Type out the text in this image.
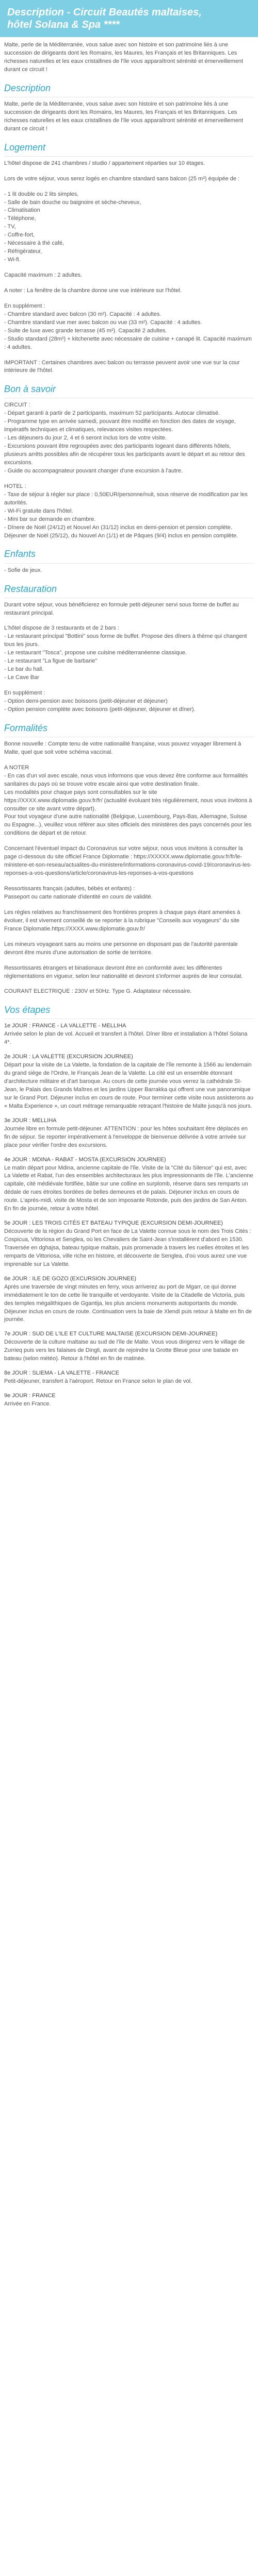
Description - Circuit Beautés maltaises,
hôtel Solana & Spa ****

Malte, perle de la Méditerranée, vous salue avec son histoire et son patrimoine liés à une succession de dirigeants dont les Romains, les Maures, les Français et les Britanniques. Les richesses naturelles et les eaux cristallines de l'île vous apparaîtront sérénité et émerveillement durant ce circuit !

Description

Malte, perle de la Méditerranée, vous salue avec son histoire et son patrimoine liés à une succession de dirigeants dont les Romains, les Maures, les Français et les Britanniques. Les richesses naturelles et les eaux cristallines de l'île vous apparaîtront sérénité et émerveillement durant ce circuit !

Logement
L'hôtel dispose de 241 chambres / studio / appartement réparties sur 10 étages.
Lors de votre séjour, vous serez logés en chambre standard sans balcon (25 m²) équipée de :
- 1 lit double ou 2 lits simples,
- Salle de bain douche ou baignoire et sèche-cheveux,
- Climatisation
- Téléphone,
- TV,
- Coffre-fort,
- Nécessaire à thé café,
- Réfrigérateur,
- Wi-fi.
Capacité maximum : 2 adultes.
A noter : La fenêtre de la chambre donne une vue intérieure sur l'hôtel.
En supplément :
- Chambre standard avec balcon (30 m²). Capacité : 4 adultes.
- Chambre standard vue mer avec balcon ou vue (33 m²). Capacité : 4 adultes.
- Suite de luxe avec grande terrasse (45 m²). Capacité 2 adultes.
- Studio standard (28m²) + kitchenette avec nécessaire de cuisine + canapé lit. Capacité maximum : 4 adultes.
IMPORTANT : Certaines chambres avec balcon ou terrasse peuvent avoir une vue sur la cour intérieure de l'hôtel.
Bon à savoir
CIRCUIT :
- Départ garanti à partir de 2 participants, maximum 52 participants. Autocar climatisé.
- Programme type en arrivée samedi, pouvant être modifié en fonction des dates de voyage, impératifs techniques et climatiques, relevances visites respectées.
- Les déjeuners du jour 2, 4 et 6 seront inclus lors de votre visite.
- Excursions pouvant être regroupées avec des participants logeant dans différents hôtels, plusieurs arrêts possibles afin de récupérer tous les participants avant le départ et au retour des excursions.
- Guide ou accompagnateur pouvant changer d'une excursion à l'autre.
HOTEL :
- Taxe de séjour à régler sur place : 0,50EUR/personne/nuit, sous réserve de modification par les autorités.
- Wi-Fi gratuite dans l'hôtel.
- Mini bar sur demande en chambre.
- Dînere de Noël (24/12) et Nouvel An (31/12) inclus en demi-pension et pension complète. Déjeuner de Noël (25/12), du Nouvel An (1/1) et de Pâques (9/4) inclus en pension complète.
Enfants
- Sofie de jeux.
Restauration
Durant votre séjour, vous bénéficierez en formule petit-déjeuner servi sous forme de buffet au restaurant principal.
L'hôtel dispose de 3 restaurants et de 2 bars :
- Le restaurant principal "Bottini" sous forme de buffet. Propose des dîners à thème qui changent tous les jours.
- Le restaurant "Tosca", propose une cuisine méditerranéenne classique.
- Le restaurant "La figue de barbarie"
- Le bar du hall.
- Le Cave Bar
En supplément :
- Option demi-pension avec boissons (petit-déjeuner et déjeuner)
- Option pension complète avec boissons (petit-déjeuner, déjeuner et dîner).
Formalités
Bonne nouvelle : Compte tenu de votre nationalité française, vous pouvez voyager librement à Malte, quel que soit votre schéma vaccinal.
A NOTER
- En cas d'un vol avec escale, nous vous informons que vous devez être conforme aux formalités sanitaires du pays où se trouve votre escale ainsi que votre destination finale.
Les modalités pour chaque pays sont consultables sur le site https://XXXX.www.diplomatie.gouv.fr/fr/ (actualité évoluant très régulièrement, nous vous invitons à consulter ce site avant votre départ).
Pour tout voyageur d'une autre nationalité (Belgique, Luxembourg, Pays-Bas, Allemagne, Suisse ou Espagne...), veuillez vous référer aux sites officiels des ministères des pays concernés pour les conditions de départ et de retour.
Concernant l'éventuel impact du Coronavirus sur votre séjour, nous vous invitons à consulter la page ci-dessous du site officiel France Diplomatie : https://XXXXX.www.diplomatie.gouv.fr/fr/le-ministere-et-son-reseau/actualites-du-ministere/informations-coronavirus-covid-19/coronavirus-les-reponses-a-vos-questions/article/coronavirus-les-reponses-a-vos-questions
Ressortissants français (adultes, bébés et enfants) :
Passeport ou carte nationale d'identité en cours de validité.
Les règles relatives au franchissement des frontières propres à chaque pays étant amenées à évoluer, il est vivement conseillé de se reporter à la rubrique "Conseils aux voyageurs" du site France Diplomatie.https://XXXX.www.diplomatie.gouv.fr/
Les mineurs voyageant sans au moins une personne en disposant pas de l'autorité parentale devront être munis d'une autorisation de sortie de territoire.
Ressortissants étrangers et binationaux devront être en conformité avec les différentes réglementations en vigueur, selon leur nationalité et devront s'informer auprès de leur consulat.
COURANT ELECTRIQUE : 230V et 50Hz. Type G. Adaptateur nécessaire.
Vos étapes
1e JOUR : FRANCE - LA VALLETTE - MELLIHA
Arrivée selon le plan de vol. Accueil et transfert à l'hôtel. Dîner libre et installation à l'hôtel Solana 4*.
2e JOUR : LA VALETTE (EXCURSION JOURNEE)
Départ pour la visite de La Valette, la fondation de la capitale de l'île remonte à 1566 au lendemain du grand siège de l'Ordre, le Français Jean de la Valette. La cité est un ensemble étonnant d'architecture militaire et d'art baroque. Au cours de cette journée vous verrez la cathédrale St-Jean, le Palais des Grands Maîtres et les jardins Upper Barrakka qui offrent une vue panoramique sur le Grand Port. Déjeuner inclus en cours de route. Pour terminer cette visite nous assisterons au « Malta Experience », un court métrage remarquable retraçant l'histoire de Malte jusqu'à nos jours.
3e JOUR : MELLIHA
Journée libre en formule petit-déjeuner. ATTENTION : pour les hôtes souhaitant être déplacés en fin de séjour. Se reporter impérativement à l'enveloppe de bienvenue délivrée à votre arrivée sur place pour vérifier l'ordre des excursions.
4e JOUR : MDINA - RABAT - MOSTA (EXCURSION JOURNEE)
Le matin départ pour Mdina, ancienne capitale de l'île. Visite de la "Cité du Silence" qui est, avec La Valette et Rabat, l'un des ensembles architecturaux les plus impressionnants de l'île. L'ancienne capitale, cité médiévale fortifiée, bâtie sur une colline en surplomb, réserve dans ses remparts un dédale de rues étroites bordées de belles demeures et de palais. Déjeuner inclus en cours de route. L'après-midi, visite de Mosta et de son imposante Rotonde, puis des jardins de San Anton. En fin de journée, retour à votre hôtel.
5e JOUR : LES TROIS CITÉS ET BATEAU TYPIQUE (EXCURSION DEMI-JOURNEE)
Découverte de la région du Grand Port en face de La Valette connue sous le nom des Trois Cités : Cospicua, Vittoriosa et Senglea, où les Chevaliers de Saint-Jean s'installèrent d'abord en 1530. Traversée en dghajsa, bateau typique maltais, puis promenade à travers les ruelles étroites et les remparts de Vittoriosa, ville riche en histoire, et découverte de Senglea, d'où vous aurez une vue imprenable sur La Valette.
6e JOUR : ILE DE GOZO (EXCURSION JOURNEE)
Après une traversée de vingt minutes en ferry, vous arriverez au port de Mgarr, ce qui donne immédiatement le ton de cette île tranquille et verdoyante. Visite de la Citadelle de Victoria, puis des temples mégalithiques de Ggantija, les plus anciens monuments autoportants du monde. Déjeuner inclus en cours de route. Continuation vers la baie de Xlendi puis retour à Malte en fin de journée.
7e JOUR : SUD DE L'ILE ET CULTURE MALTAISE (EXCURSION DEMI-JOURNEE)
Découverte de la culture maltaise au sud de l'île de Malte. Vous vous dirigerez vers le village de Zurrieq puis vers les falaises de Dingli, avant de rejoindre la Grotte Bleue pour une balade en bateau (selon météo). Retour à l'hôtel en fin de matinée.
8e JOUR : SLIEMA - LA VALETTE - FRANCE
Petit-déjeuner, transfert à l'aéroport. Retour en France selon le plan de vol.
9e JOUR : FRANCE
Arrivée en France.
